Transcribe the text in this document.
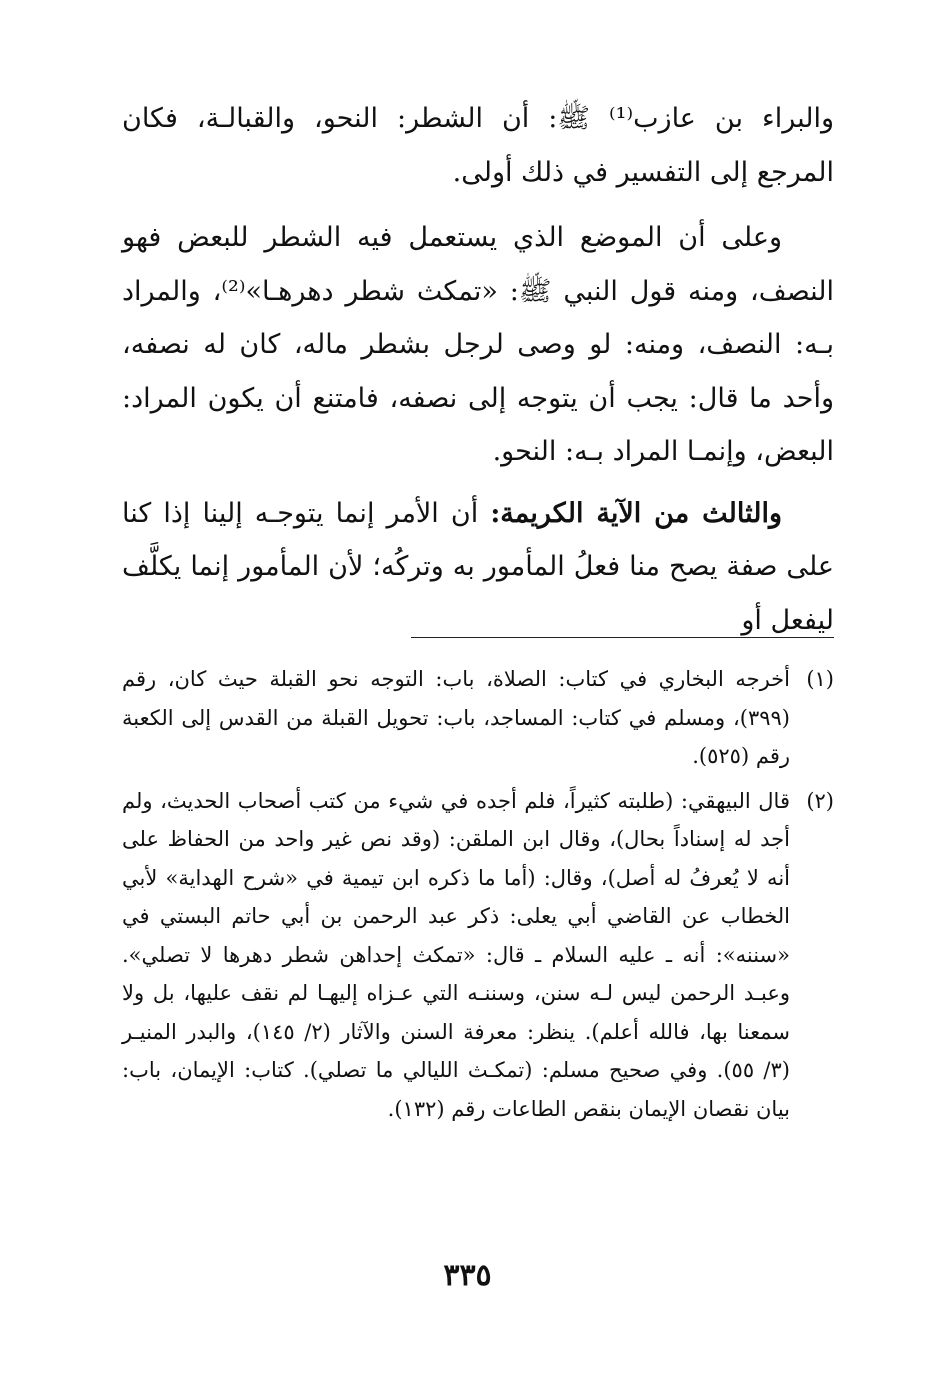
والبراء بن عازب⁽¹⁾ ﷺ: أن الشطر: النحو، والقبالـة، فكان المرجع إلى التفسير في ذلك أولى.

وعلى أن الموضع الذي يستعمل فيه الشطر للبعض فهو النصف، ومنه قول النبي ﷺ: «تمكث شطر دهرهـا»⁽²⁾، والمراد بـه: النصف، ومنه: لو وصى لرجل بشطر ماله، كان له نصفه، وأحد ما قال: يجب أن يتوجه إلى نصفه، فامتنع أن يكون المراد: البعض، وإنمـا المراد بـه: النحو.

والثالث من الآية الكريمة: أن الأمر إنما يتوجـه إلينا إذا كنا على صفة يصح منا فعلُ المأمور به وتركُه؛ لأن المأمور إنما يكلَّف ليفعل أو

(١)
أخرجه البخاري في كتاب: الصلاة، باب: التوجه نحو القبلة حيث كان، رقم (٣٩٩)، ومسلم في كتاب: المساجد، باب: تحويل القبلة من القدس إلى الكعبة رقم (٥٢٥).
(٢)
قال البيهقي: (طلبته كثيراً، فلم أجده في شيء من كتب أصحاب الحديث، ولم أجد له إسناداً بحال)، وقال ابن الملقن: (وقد نص غير واحد من الحفاظ على أنه لا يُعرفُ له أصل)، وقال: (أما ما ذكره ابن تيمية في «شرح الهداية» لأبي الخطاب عن القاضي أبي يعلى: ذكر عبد الرحمن بن أبي حاتم البستي في «سننه»: أنه ـ عليه السلام ـ قال: «تمكث إحداهن شطر دهرها لا تصلي». وعبـد الرحمن ليس لـه سنن، وسننـه التي عـزاه إليهـا لم نقف عليها، بل ولا سمعنا بها، فالله أعلم). ينظر: معرفة السنن والآثار (٢/ ١٤٥)، والبدر المنيـر (٣/ ٥٥). وفي صحيح مسلم: (تمكـث الليالي ما تصلي). كتاب: الإيمان، باب: بيان نقصان الإيمان بنقص الطاعات رقم (١٣٢).
٣٣٥
